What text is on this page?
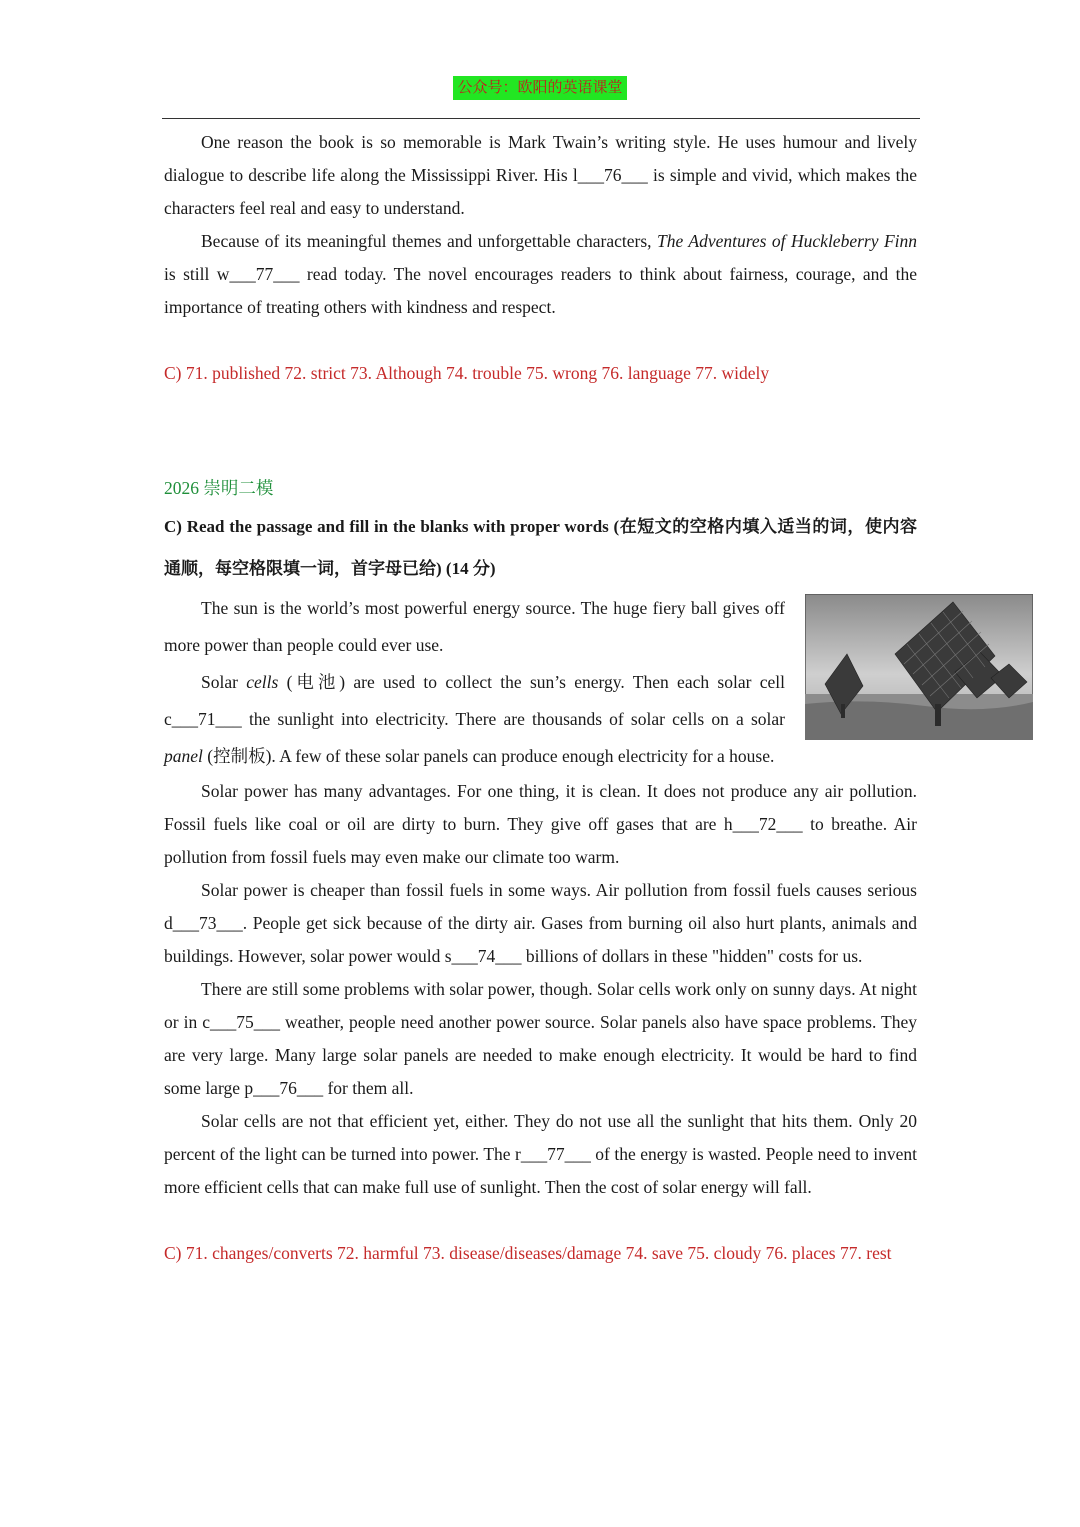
公众号：欧阳的英语课堂

One reason the book is so memorable is Mark Twain’s writing style. He uses humour and lively dialogue to describe life along the Mississippi River. His l___76___ is simple and vivid, which makes the characters feel real and easy to understand.

Because of its meaningful themes and unforgettable characters, The Adventures of Huckleberry Finn is still w___77___ read today. The novel encourages readers to think about fairness, courage, and the importance of treating others with kindness and respect.

C) 71. published 72. strict 73. Although 74. trouble 75. wrong 76. language 77. widely

2026 崇明二模

C) Read the passage and fill in the blanks with proper words (在短文的空格内填入适当的词，使内容通顺，每空格限填一词，首字母已给) (14 分)

The sun is the world’s most powerful energy source. The huge fiery ball gives off more power than people could ever use.

Solar cells (电池) are used to collect the sun’s energy. Then each solar cell c___71___ the sunlight into electricity. There are thousands of solar cells on a solar panel (控制板). A few of these solar panels can produce enough electricity for a house.

Solar power has many advantages. For one thing, it is clean. It does not produce any air pollution. Fossil fuels like coal or oil are dirty to burn. They give off gases that are h___72___ to breathe. Air pollution from fossil fuels may even make our climate too warm.

Solar power is cheaper than fossil fuels in some ways. Air pollution from fossil fuels causes serious d___73___. People get sick because of the dirty air. Gases from burning oil also hurt plants, animals and buildings. However, solar power would s___74___ billions of dollars in these "hidden" costs for us.

There are still some problems with solar power, though. Solar cells work only on sunny days. At night or in c___75___ weather, people need another power source. Solar panels also have space problems. They are very large. Many large solar panels are needed to make enough electricity. It would be hard to find some large p___76___ for them all.

Solar cells are not that efficient yet, either. They do not use all the sunlight that hits them. Only 20 percent of the light can be turned into power. The r___77___ of the energy is wasted. People need to invent more efficient cells that can make full use of sunlight. Then the cost of solar energy will fall.

C) 71. changes/converts 72. harmful 73. disease/diseases/damage 74. save 75. cloudy 76. places 77. rest
